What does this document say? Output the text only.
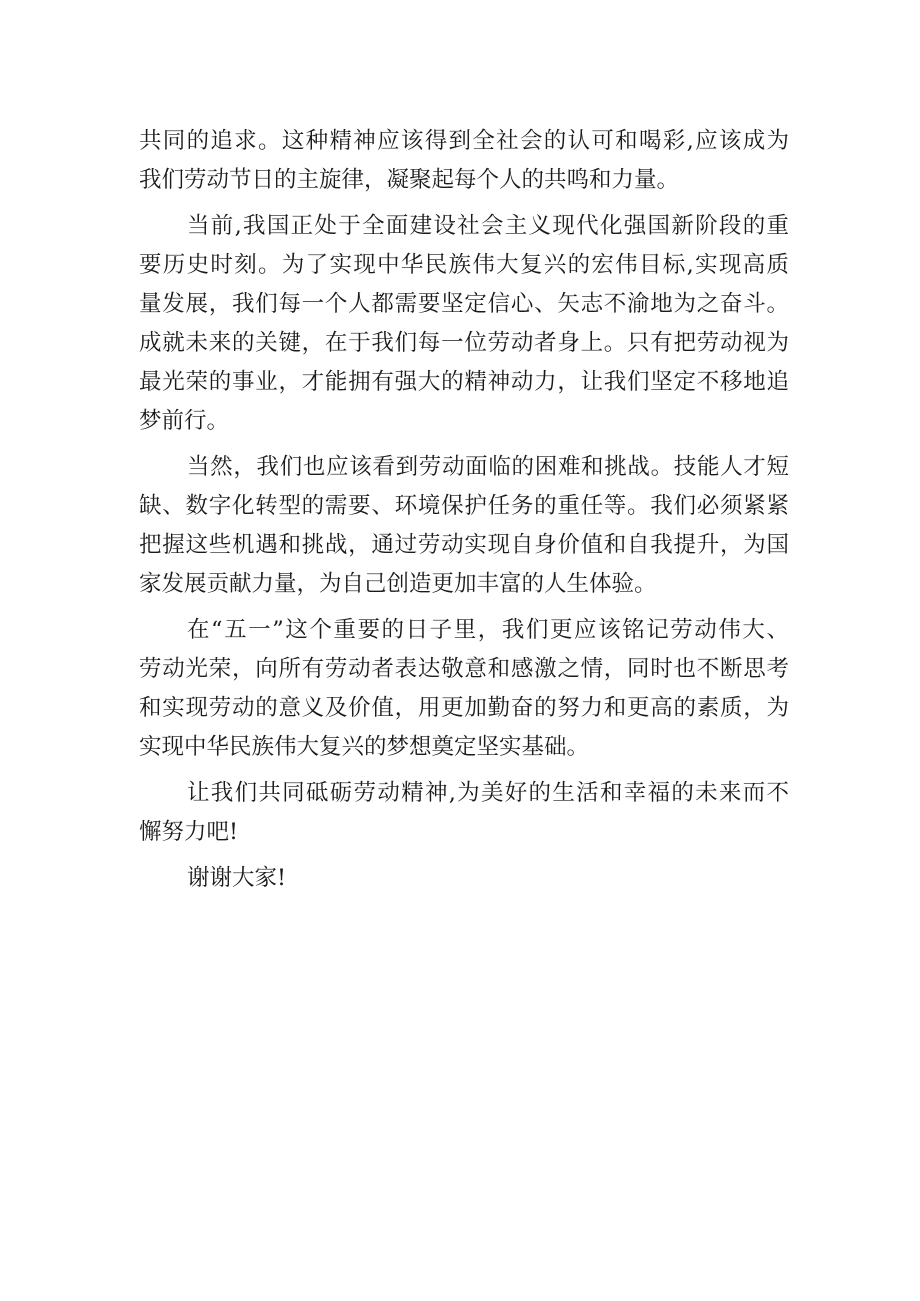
共同的追求。这种精神应该得到全社会的认可和喝彩,应该成为
我们劳动节日的主旋律，凝聚起每个人的共鸣和力量。
当前,我国正处于全面建设社会主义现代化强国新阶段的重
要历史时刻。为了实现中华民族伟大复兴的宏伟目标,实现高质
量发展，我们每一个人都需要坚定信心、矢志不渝地为之奋斗。
成就未来的关键，在于我们每一位劳动者身上。只有把劳动视为
最光荣的事业，才能拥有强大的精神动力，让我们坚定不移地追
梦前行。
当然，我们也应该看到劳动面临的困难和挑战。技能人才短
缺、数字化转型的需要、环境保护任务的重任等。我们必须紧紧
把握这些机遇和挑战，通过劳动实现自身价值和自我提升，为国
家发展贡献力量，为自己创造更加丰富的人生体验。
在“五一”这个重要的日子里，我们更应该铭记劳动伟大、
劳动光荣，向所有劳动者表达敬意和感激之情，同时也不断思考
和实现劳动的意义及价值，用更加勤奋的努力和更高的素质，为
实现中华民族伟大复兴的梦想奠定坚实基础。
让我们共同砥砺劳动精神,为美好的生活和幸福的未来而不
懈努力吧!
谢谢大家!
